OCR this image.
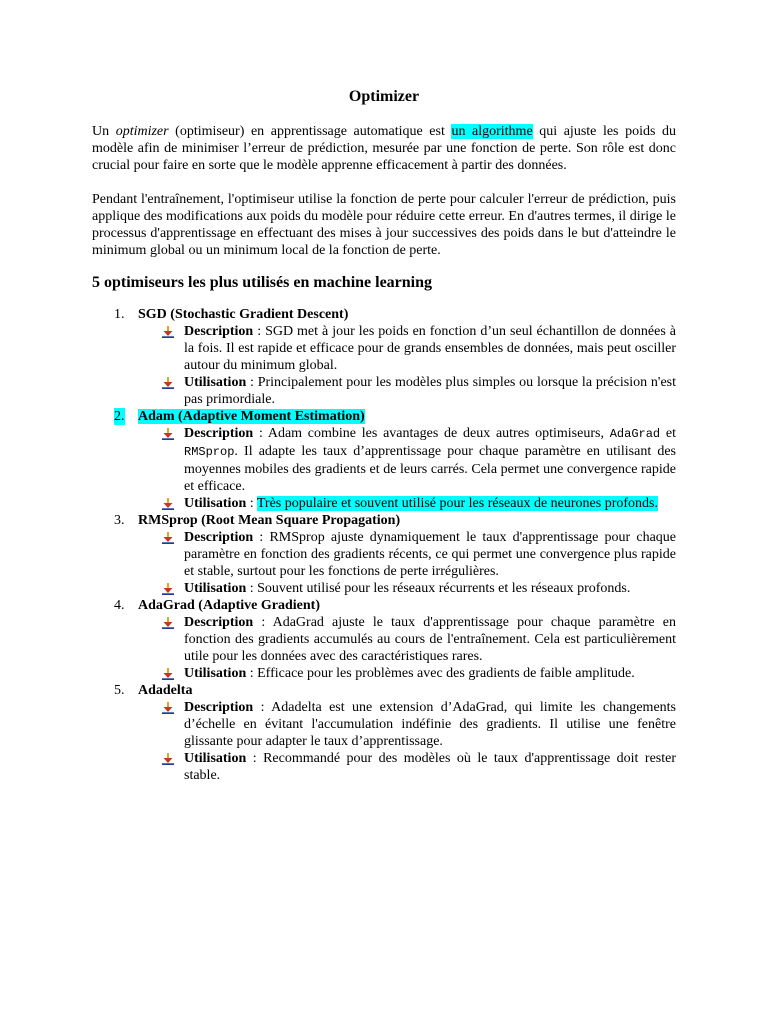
Optimizer

Un optimizer (optimiseur) en apprentissage automatique est un algorithme qui ajuste les poids du modèle afin de minimiser l’erreur de prédiction, mesurée par une fonction de perte. Son rôle est donc crucial pour faire en sorte que le modèle apprenne efficacement à partir des données.

Pendant l'entraînement, l'optimiseur utilise la fonction de perte pour calculer l'erreur de prédiction, puis applique des modifications aux poids du modèle pour réduire cette erreur. En d'autres termes, il dirige le processus d'apprentissage en effectuant des mises à jour successives des poids dans le but d'atteindre le minimum global ou un minimum local de la fonction de perte.

5 optimiseurs les plus utilisés en machine learning
1. SGD (Stochastic Gradient Descent)
Description : SGD met à jour les poids en fonction d’un seul échantillon de données à la fois. Il est rapide et efficace pour de grands ensembles de données, mais peut osciller autour du minimum global.
Utilisation : Principalement pour les modèles plus simples ou lorsque la précision n'est pas primordiale.
2. Adam (Adaptive Moment Estimation)
Description : Adam combine les avantages de deux autres optimiseurs, AdaGrad et RMSprop. Il adapte les taux d’apprentissage pour chaque paramètre en utilisant des moyennes mobiles des gradients et de leurs carrés. Cela permet une convergence rapide et efficace.
Utilisation : Très populaire et souvent utilisé pour les réseaux de neurones profonds.
3. RMSprop (Root Mean Square Propagation)
Description : RMSprop ajuste dynamiquement le taux d'apprentissage pour chaque paramètre en fonction des gradients récents, ce qui permet une convergence plus rapide et stable, surtout pour les fonctions de perte irrégulières.
Utilisation : Souvent utilisé pour les réseaux récurrents et les réseaux profonds.
4. AdaGrad (Adaptive Gradient)
Description : AdaGrad ajuste le taux d'apprentissage pour chaque paramètre en fonction des gradients accumulés au cours de l'entraînement. Cela est particulièrement utile pour les données avec des caractéristiques rares.
Utilisation : Efficace pour les problèmes avec des gradients de faible amplitude.
5. Adadelta
Description : Adadelta est une extension d’AdaGrad, qui limite les changements d’échelle en évitant l'accumulation indéfinie des gradients. Il utilise une fenêtre glissante pour adapter le taux d’apprentissage.
Utilisation : Recommandé pour des modèles où le taux d'apprentissage doit rester stable.
